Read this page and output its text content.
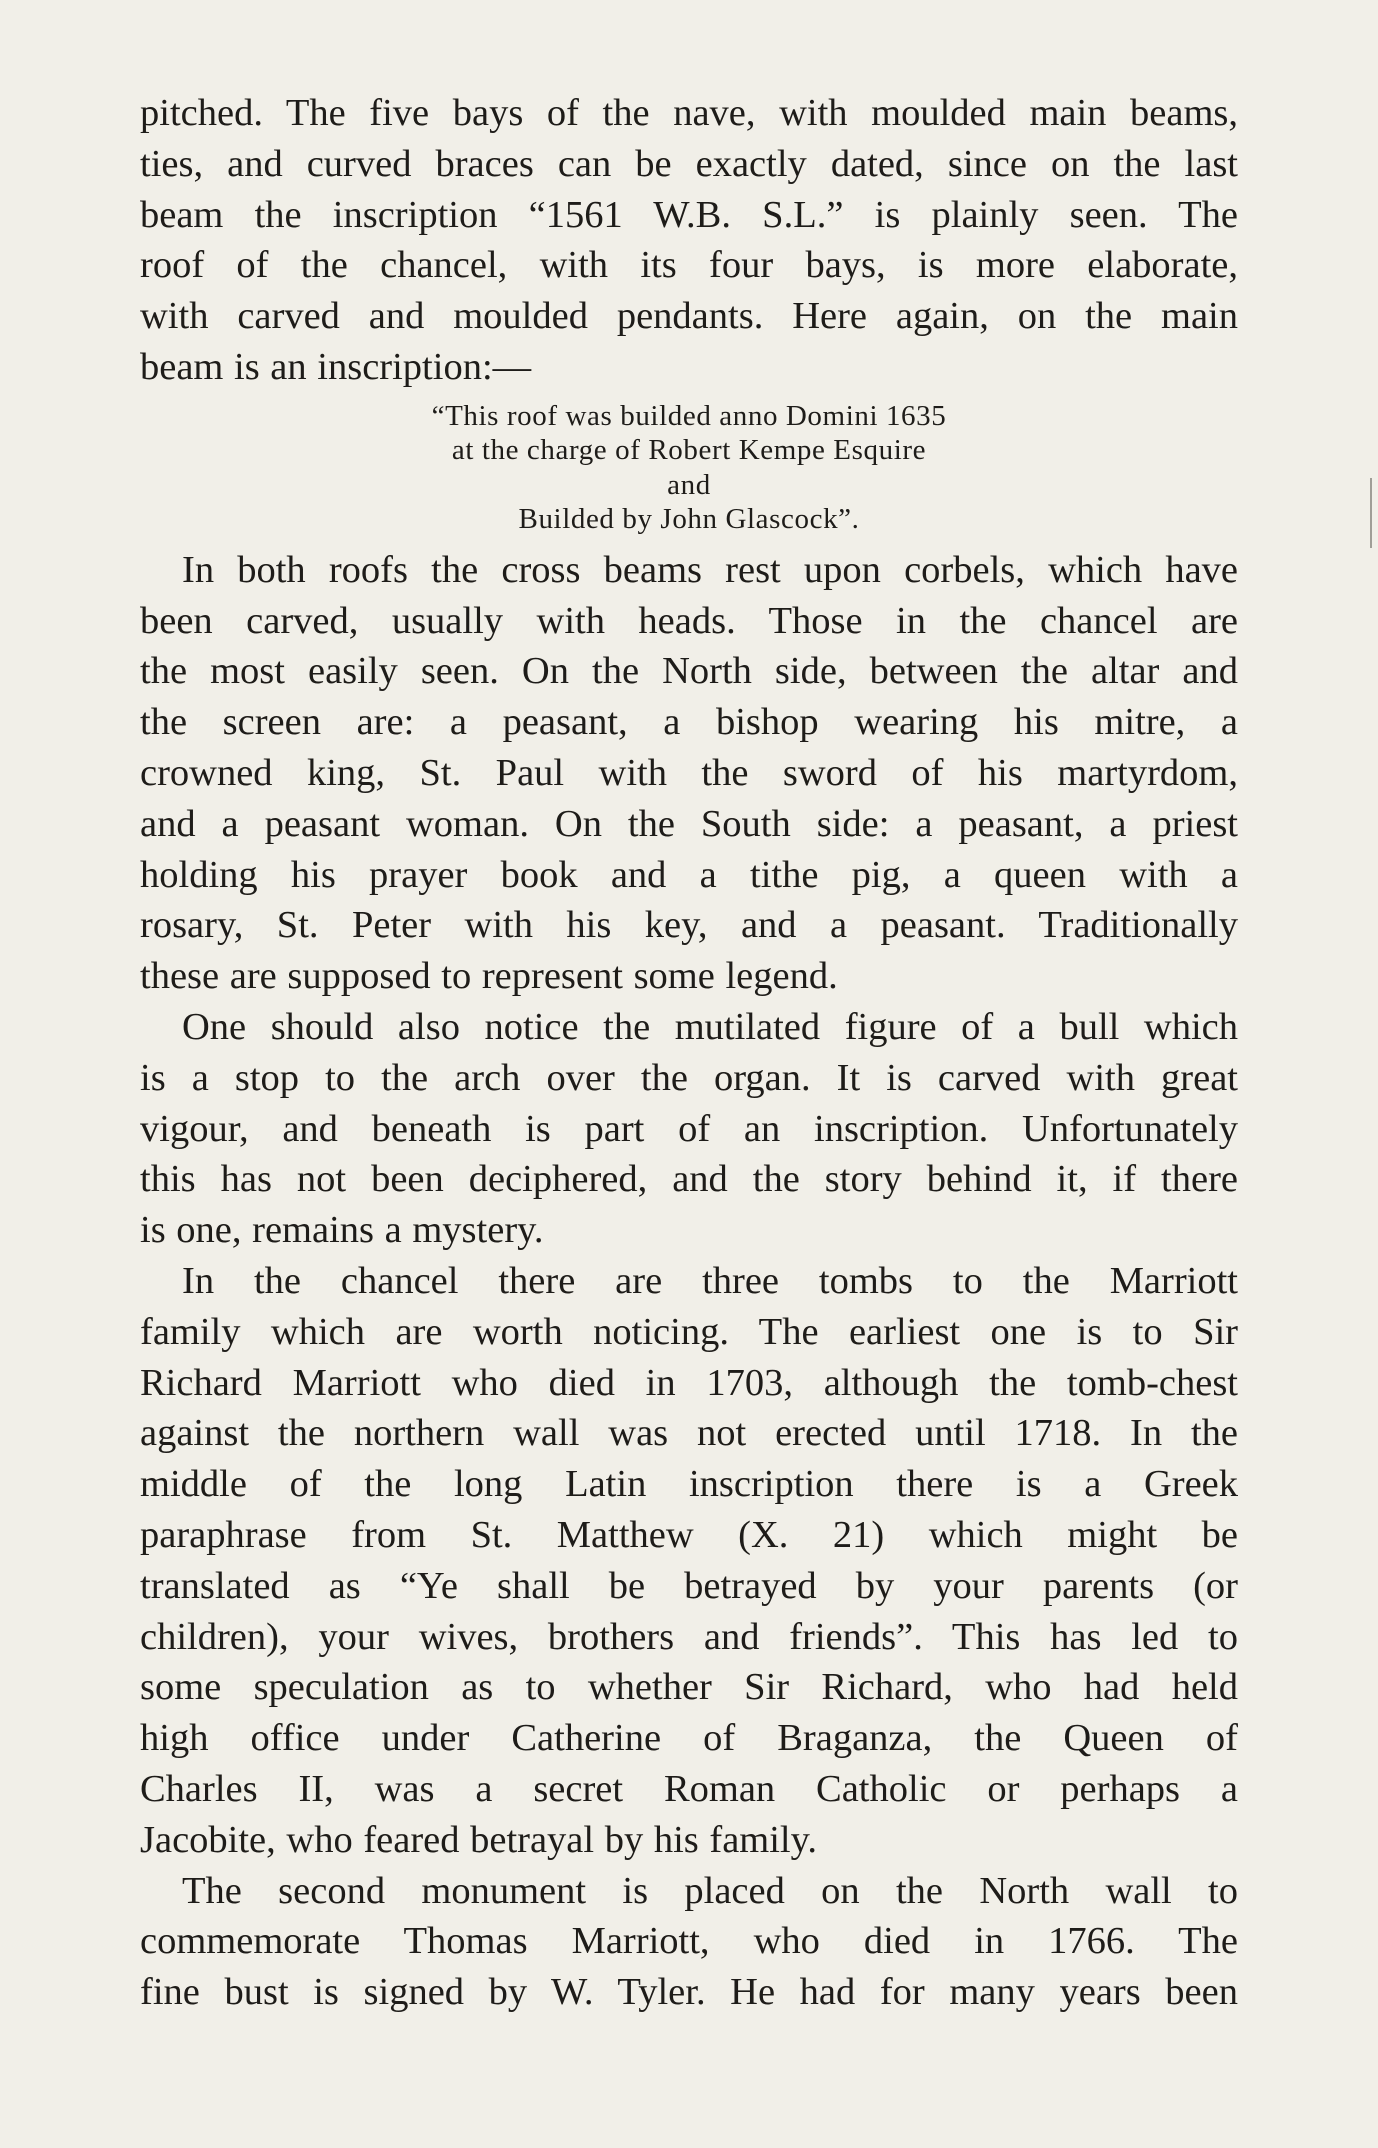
pitched. The five bays of the nave, with moulded main beams,
ties, and curved braces can be exactly dated, since on the last
beam the inscription “1561 W.B. S.L.” is plainly seen. The
roof of the chancel, with its four bays, is more elaborate,
with carved and moulded pendants. Here again, on the main
beam is an inscription:—

“This roof was builded anno Domini 1635
at the charge of Robert Kempe Esquire
and
Builded by John Glascock”.

In both roofs the cross beams rest upon corbels, which have
been carved, usually with heads. Those in the chancel are
the most easily seen. On the North side, between the altar and
the screen are: a peasant, a bishop wearing his mitre, a
crowned king, St. Paul with the sword of his martyrdom,
and a peasant woman. On the South side: a peasant, a priest
holding his prayer book and a tithe pig, a queen with a
rosary, St. Peter with his key, and a peasant. Traditionally
these are supposed to represent some legend.

One should also notice the mutilated figure of a bull which
is a stop to the arch over the organ. It is carved with great
vigour, and beneath is part of an inscription. Unfortunately
this has not been deciphered, and the story behind it, if there
is one, remains a mystery.

In the chancel there are three tombs to the Marriott
family which are worth noticing. The earliest one is to Sir
Richard Marriott who died in 1703, although the tomb-chest
against the northern wall was not erected until 1718. In the
middle of the long Latin inscription there is a Greek
paraphrase from St. Matthew (X. 21) which might be
translated as “Ye shall be betrayed by your parents (or
children), your wives, brothers and friends”. This has led to
some speculation as to whether Sir Richard, who had held
high office under Catherine of Braganza, the Queen of
Charles II, was a secret Roman Catholic or perhaps a
Jacobite, who feared betrayal by his family.

The second monument is placed on the North wall to
commemorate Thomas Marriott, who died in 1766. The
fine bust is signed by W. Tyler. He had for many years been
